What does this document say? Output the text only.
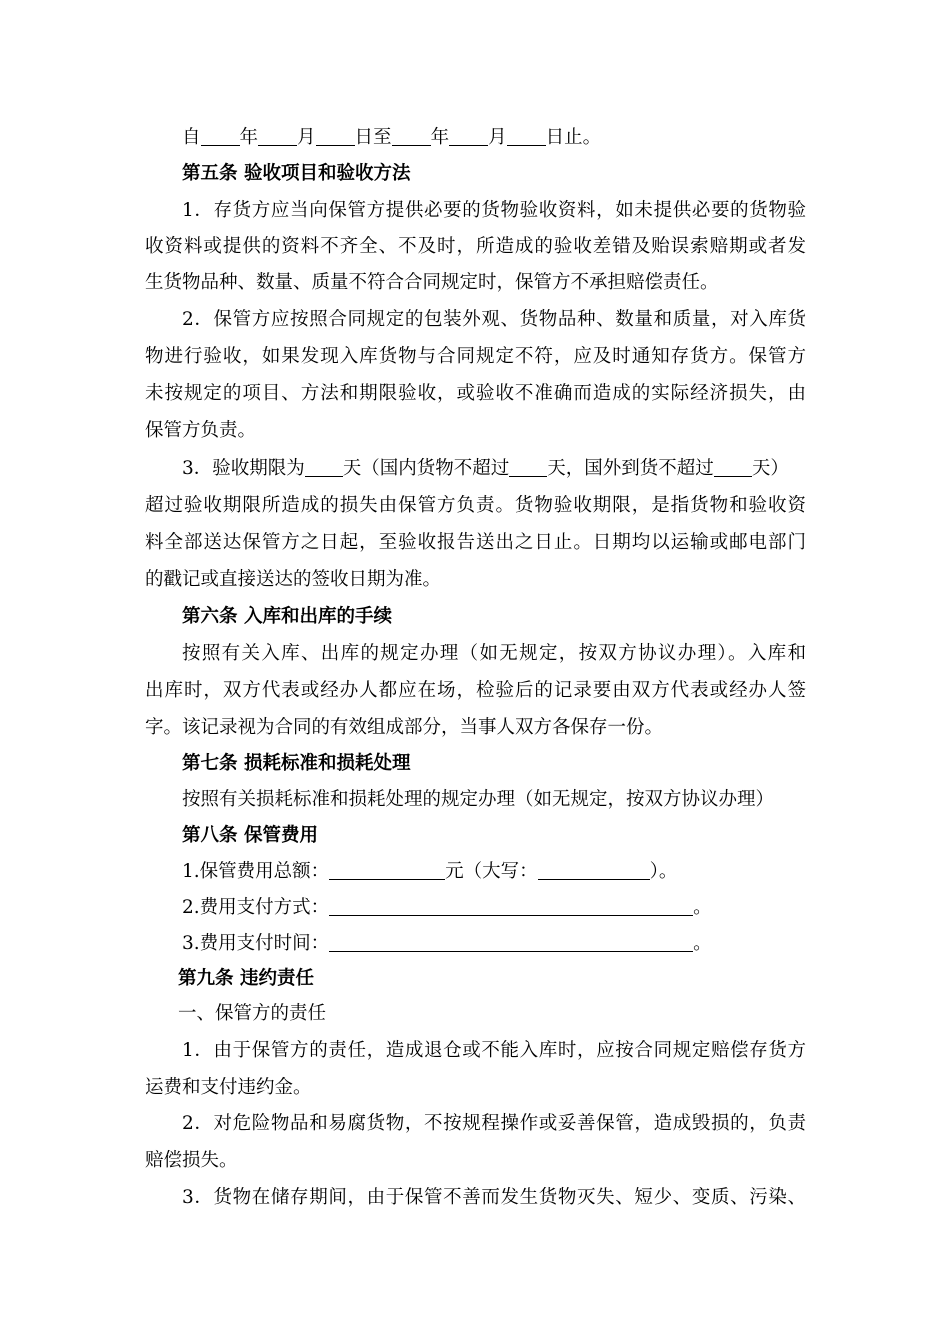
自 年 月 日至 年 月 日止。
第五条 验收项目和验收方法
1．存货方应当向保管方提供必要的货物验收资料，如未提供必要的货物验
收资料或提供的资料不齐全、不及时，所造成的验收差错及贻误索赔期或者发
生货物品种、数量、质量不符合合同规定时，保管方不承担赔偿责任。
2．保管方应按照合同规定的包装外观、货物品种、数量和质量，对入库货
物进行验收，如果发现入库货物与合同规定不符，应及时通知存货方。保管方
未按规定的项目、方法和期限验收，或验收不准确而造成的实际经济损失，由
保管方负责。
3．验收期限为 天（国内货物不超过 天，国外到货不超过 天）
超过验收期限所造成的损失由保管方负责。货物验收期限，是指货物和验收资
料全部送达保管方之日起，至验收报告送出之日止。日期均以运输或邮电部门
的戳记或直接送达的签收日期为准。
第六条 入库和出库的手续
按照有关入库、出库的规定办理（如无规定，按双方协议办理）。入库和
出库时，双方代表或经办人都应在场，检验后的记录要由双方代表或经办人签
字。该记录视为合同的有效组成部分，当事人双方各保存一份。
第七条 损耗标准和损耗处理
按照有关损耗标准和损耗处理的规定办理（如无规定，按双方协议办理）
第八条 保管费用
1.保管费用总额：	元（大写：	）。
2.费用支付方式：	。
3.费用支付时间：	。
第九条 违约责任
一、保管方的责任
1．由于保管方的责任，造成退仓或不能入库时，应按合同规定赔偿存货方
运费和支付违约金。
2．对危险物品和易腐货物，不按规程操作或妥善保管，造成毁损的，负责
赔偿损失。
3．货物在储存期间，由于保管不善而发生货物灭失、短少、变质、污染、
